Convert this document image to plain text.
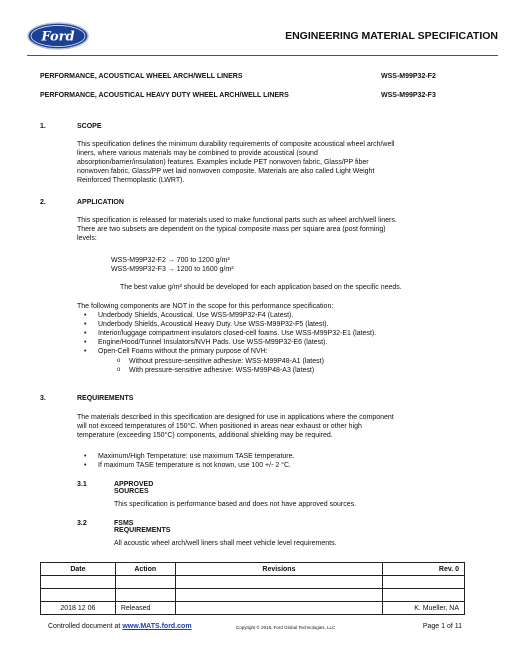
Ford	ENGINEERING MATERIAL SPECIFICATION
PERFORMANCE, ACOUSTICAL WHEEL ARCH/WELL LINERS	WSS-M99P32-F2
PERFORMANCE, ACOUSTICAL HEAVY DUTY WHEEL ARCH/WELL LINERS	WSS-M99P32-F3
1.	SCOPE
This specification defines the minimum durability requirements of composite acoustical wheel arch/well
liners, where various materials may be combined to provide acoustical (sound
absorption/barrier/insulation) features. Examples include PET nonwoven fabric, Glass/PP fiber
nonwoven fabric, Glass/PP wet laid nonwoven composite. Materials are also called Light Weight
Reinforced Thermoplastic (LWRT).
2.	APPLICATION
This specification is released for materials used to make functional parts such as wheel arch/well liners.
There are two subsets are dependent on the typical composite mass per square area (post forming)
levels:
WSS-M99P32-F2 → 700 to 1200 g/m²
WSS-M99P32-F3 → 1200 to 1600 g/m²
The best value g/m² should be developed for each application based on the specific needs.
The following components are NOT in the scope for this performance specification:
• Underbody Shields, Acoustical. Use WSS-M99P32-F4 (Latest).
• Underbody Shields, Acoustical Heavy Duty. Use WSS-M99P32-F5 (latest).
• Interior/luggage compartment insulators closed-cell foams. Use WSS-M99P32-E1 (latest).
• Engine/Hood/Tunnel Insulators/NVH Pads. Use WSS-M99P32-E6 (latest).
• Open-Cell Foams without the primary purpose of NVH:
o Without pressure-sensitive adhesive: WSS-M99P48-A1 (latest)
o With pressure-sensitive adhesive: WSS-M99P48-A3 (latest)
3.	REQUIREMENTS
The materials described in this specification are designed for use in applications where the component
will not exceed temperatures of 150°C. When positioned in areas near exhaust or other high
temperature (exceeding 150°C) components, additional shielding may be required.
• Maximum/High Temperature: use maximum TASE temperature.
• If maximum TASE temperature is not known, use 100 +/- 2 °C.
3.1	APPROVED SOURCES
This specification is performance based and does not have approved sources.
3.2	FSMS REQUIREMENTS
All acoustic wheel arch/well liners shall meet vehicle level requirements.
Date	Action	Revisions	Rev. 0

2018 12 06	Released		K. Mueller, NA
Controlled document at www.MATS.ford.com	Copyright © 2018, Ford Global Technologies, LLC	Page 1 of 11
